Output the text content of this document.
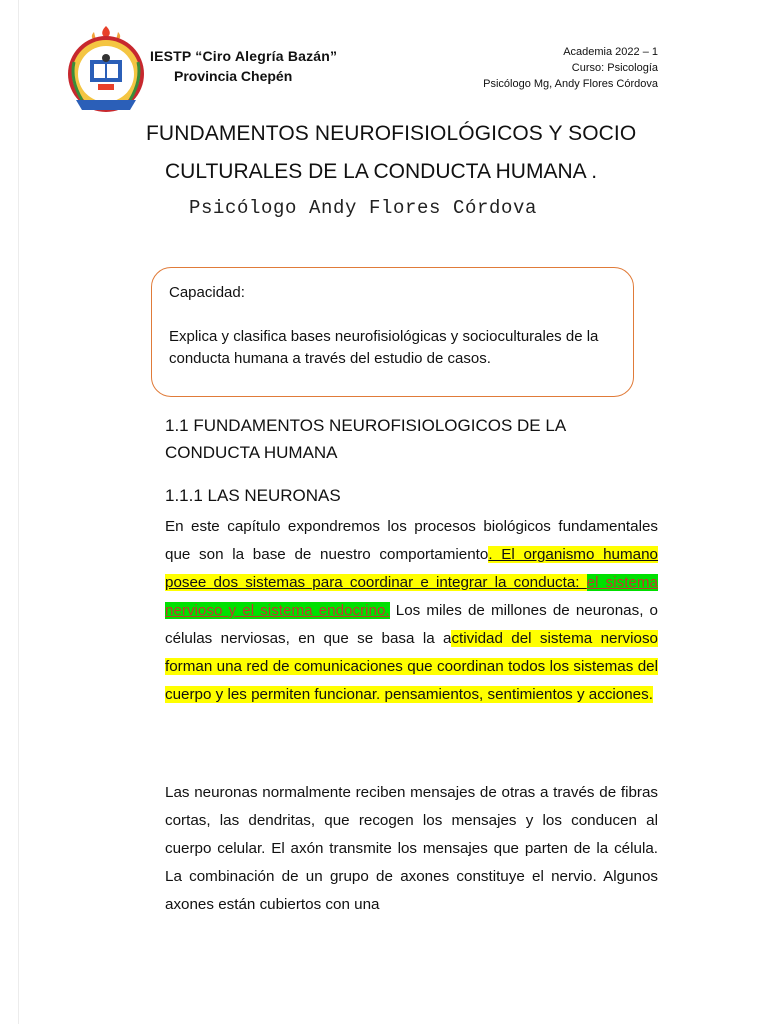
IESTP “Ciro Alegría Bazán”
Provincia Chepén
Academia 2022 – 1
Curso: Psicología
Psicólogo Mg, Andy Flores Córdova
FUNDAMENTOS NEUROFISIOLÓGICOS Y SOCIO
CULTURALES DE LA CONDUCTA HUMANA .
Psicólogo Andy Flores Córdova
Capacidad:
Explica y clasifica bases neurofisiológicas y socioculturales de la conducta humana a través del estudio de casos.
1.1 FUNDAMENTOS NEUROFISIOLOGICOS DE LA CONDUCTA HUMANA
1.1.1 LAS NEURONAS
En este capítulo expondremos los procesos biológicos fundamentales que son la base de nuestro comportamiento. El organismo humano posee dos sistemas para coordinar e integrar la conducta: el sistema nervioso y el sistema endocrino. Los miles de millones de neuronas, o células nerviosas, en que se basa la actividad del sistema nervioso forman una red de comunicaciones que coordinan todos los sistemas del cuerpo y les permiten funcionar. pensamientos, sentimientos y acciones.
Las neuronas normalmente reciben mensajes de otras a través de fibras cortas, las dendritas, que recogen los mensajes y los conducen al cuerpo celular. El axón transmite los mensajes que parten de la célula. La combinación de un grupo de axones constituye el nervio. Algunos axones están cubiertos con una
